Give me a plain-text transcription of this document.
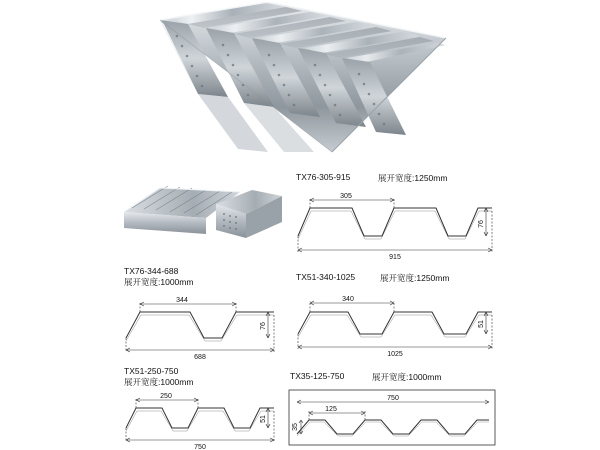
TX76-305-915	展开宽度:1250mm
305
76
915
TX76-344-688
展开宽度:1000mm
344
76
688
TX51-340-1025	展开宽度:1250mm
340
51
1025
TX51-250-750
展开宽度:1000mm
250
51
750
TX35-125-750	展开宽度:1000mm
750
125
35
